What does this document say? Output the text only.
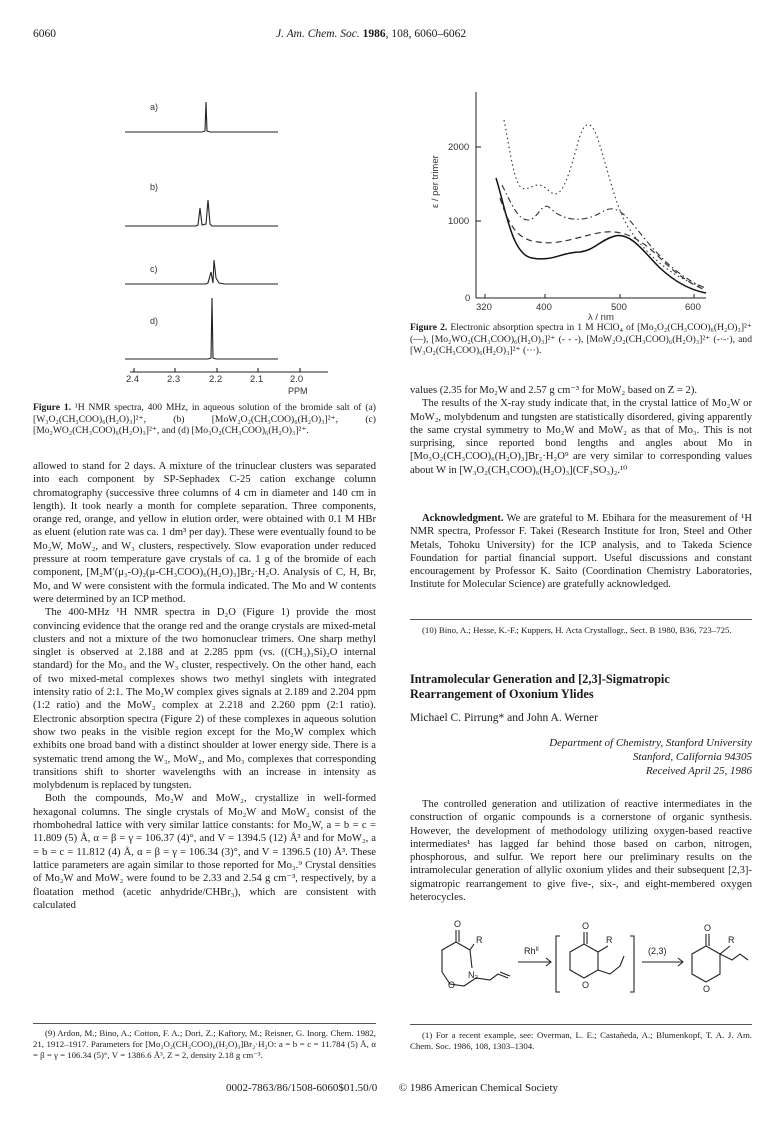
6060	J. Am. Chem. Soc. 1986, 108, 6060–6062
a)
b)
c)
d)
2.4	2.3	2.2	2.1	2.0
PPM
Figure 1. ¹H NMR spectra, 400 MHz, in aqueous solution of the bromide salt of (a) [W₃O₂(CH₃COO)₆(H₂O)₃]²⁺, (b) [MoW₂O₂(CH₃COO)₆(H₂O)₃]²⁺, (c) [Mo₂WO₂(CH₃COO)₆(H₂O)₃]²⁺, and (d) [Mo₃O₂(CH₃COO)₆(H₂O)₃]²⁺.

allowed to stand for 2 days. A mixture of the trinuclear clusters was separated into each component by SP-Sephadex C-25 cation exchange column chromatography (successive three columns of 4 cm in diameter and 140 cm in length). It took nearly a month for complete separation. Three components, orange red, orange, and yellow in elution order, were obtained with 0.1 M HBr as eluent (elution rate was ca. 1 dm³ per day). These were eventually found to be Mo₂W, MoW₂, and W₃ clusters, respectively. Slow evaporation under reduced pressure at room temperature gave crystals of ca. 1 g of the bromide of each component, [M₂M′(μ₃-O)₂(μ-CH₃COO)₆(H₂O)₃]Br₂·H₂O. Analysis of C, H, Br, Mo, and W were consistent with the formula indicated. The Mo and W contents were determined by an ICP method.

The 400-MHz ¹H NMR spectra in D₂O (Figure 1) provide the most convincing evidence that the orange red and the orange crystals are mixed-metal clusters and not a mixture of the two homonuclear trimers. One sharp methyl singlet is observed at 2.188 and at 2.285 ppm (vs. ((CH₃)₃Si)₂O internal standard) for the Mo₃ and the W₃ cluster, respectively. On the other hand, each of two mixed-metal complexes shows two methyl singlets with integrated intensity ratio of 2:1. The Mo₂W complex gives signals at 2.189 and 2.204 ppm (1:2 ratio) and the MoW₂ complex at 2.218 and 2.260 ppm (2:1 ratio). Electronic absorption spectra (Figure 2) of these complexes in aqueous solution show two peaks in the visible region except for the Mo₂W complex which exhibits one broad band with a distinct shoulder at lower energy side. There is a systematic trend among the W₃, MoW₂, and Mo₃ complexes that corresponding transitions shift to shorter wavelengths with an increase in intensity as molybdenum is replaced by tungsten.

Both the compounds, Mo₂W and MoW₂, crystallize in well-formed hexagonal columns. The single crystals of Mo₂W and MoW₂ consist of the rhombohedral lattice with very similar lattice constants: for Mo₂W, a = b = c = 11.809 (5) Å, α = β = γ = 106.37 (4)°, and V = 1394.5 (12) Å³ and for MoW₂, a = b = c = 11.812 (4) Å, α = β = γ = 106.34 (3)°, and V = 1396.5 (10) Å³. These lattice parameters are again similar to those reported for Mo₃.⁹ Crystal densities of Mo₂W and MoW₂ were found to be 2.33 and 2.54 g cm⁻³, respectively, by a floatation method (acetic anhydride/CHBr₃), which are consistent with calculated

(9) Ardon, M.; Bino, A.; Cotton, F. A.; Dori, Z.; Kaftory, M.; Reisner, G. Inorg. Chem. 1982, 21, 1912–1917. Parameters for [Mo₃O₂(CH₃COO)₆(H₂O)₃]Br₂·H₂O: a = b = c = 11.784 (5) Å, α = β = γ = 106.34 (5)°, V = 1386.6 Å³, Z = 2, density 2.18 g cm⁻³.

2000
1000
0
320	400	500	600
λ / nm
ε / per trimer
Figure 2. Electronic absorption spectra in 1 M HClO₄ of [Mo₃O₂(CH₃COO)₆(H₂O)₃]²⁺ (—), [Mo₂WO₂(CH₃COO)₆(H₂O)₃]²⁺ (- - -), [MoW₂O₂(CH₃COO)₆(H₂O)₃]²⁺ (-·-·), and [W₃O₂(CH₃COO)₆(H₂O)₃]²⁺ (···).

values (2.35 for Mo₂W and 2.57 g cm⁻³ for MoW₂ based on Z = 2).

The results of the X-ray study indicate that, in the crystal lattice of Mo₂W or MoW₂, molybdenum and tungsten are statistically disordered, giving apparently the same crystal symmetry to Mo₂W and MoW₂ as that of Mo₃. This is not surprising, since reported bond lengths and angles about Mo in [Mo₃O₂(CH₃COO)₆(H₂O)₃]Br₂·H₂O⁹ are very similar to corresponding values about W in [W₃O₂(CH₃COO)₆(H₂O)₃](CF₃SO₃)₂.¹⁰

Acknowledgment. We are grateful to M. Ebihara for the measurement of ¹H NMR spectra, Professor F. Takei (Research Institute for Iron, Steel and Other Metals, Tohoku University) for the ICP analysis, and to Takeda Science Foundation for partial financial support. Useful discussions and constant encouragement by Professor K. Saito (Coordination Chemistry Laboratories, Institute for Molecular Science) are gratefully acknowledged.

(10) Bino, A.; Hesse, K.-F.; Kuppers, H. Acta Crystallogr., Sect. B 1980, B36, 723–725.

Intramolecular Generation and [2,3]-Sigmatropic Rearrangement of Oxonium Ylides
Michael C. Pirrung* and John A. Werner
Department of Chemistry, Stanford University
Stanford, California 94305
Received April 25, 1986

The controlled generation and utilization of reactive intermediates in the construction of organic compounds is a cornerstone of organic synthesis. However, the development of methodology utilizing oxygen-based reactive intermediates¹ has lagged far behind those based on carbon, nitrogen, phosphorous, and sulfur. We report here our preliminary results on the intramolecular generation of allylic oxonium ylides and their subsequent [2,3]-sigmatropic rearrangement to give five-, six-, and eight-membered oxygen heterocycles.

O
R
N₂
O
$Rh^{II}$
O
R
O
(2,3)
O
R
O

(1) For a recent example, see: Overman, L. E.; Castañeda, A.; Blumenkopf, T. A. J. Am. Chem. Soc. 1986, 108, 1303–1304.

0002-7863/86/1508-6060$01.50/0 © 1986 American Chemical Society
